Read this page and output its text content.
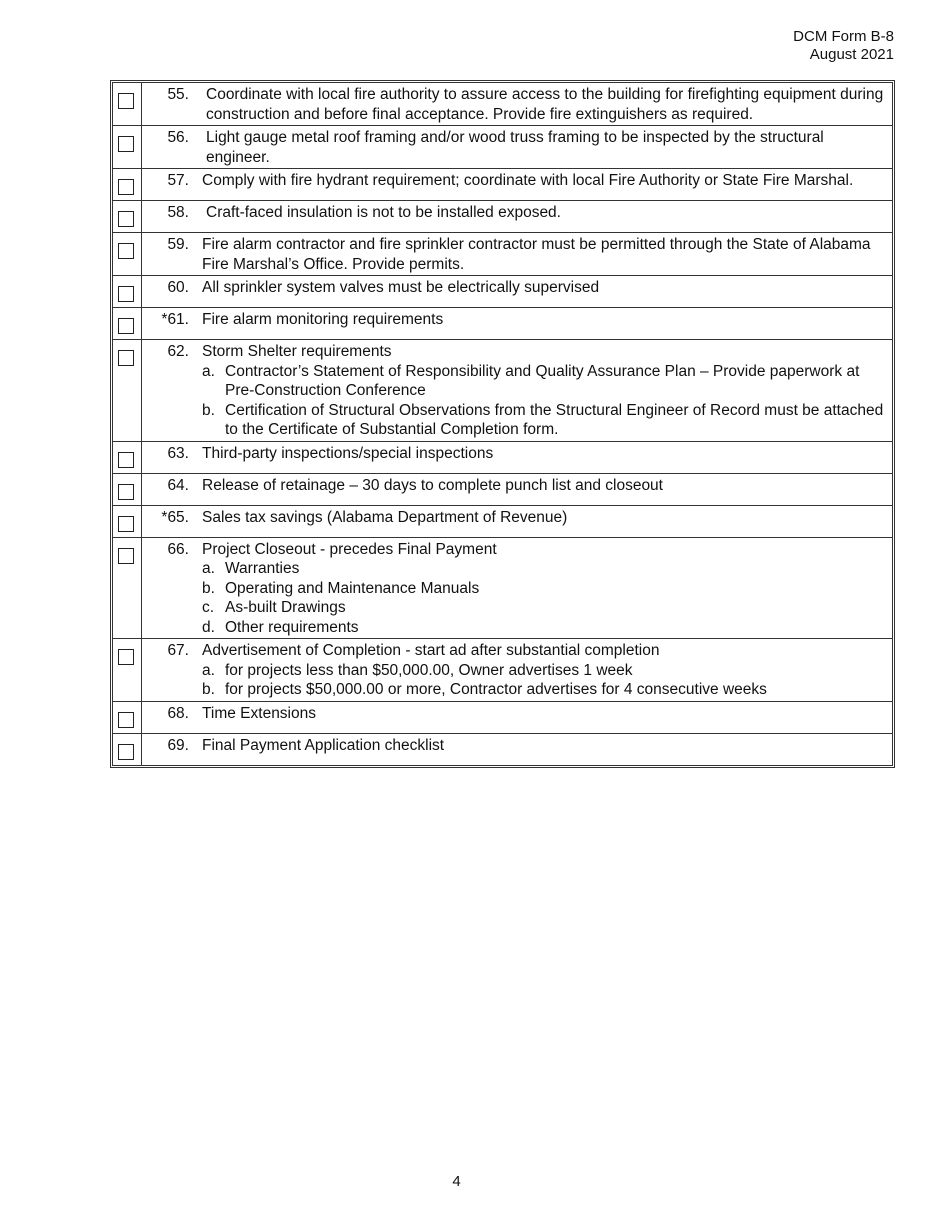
DCM Form B-8
August 2021
55.	Coordinate with local fire authority to assure access to the building for firefighting equipment during construction and before final acceptance. Provide fire extinguishers as required.
56.	Light gauge metal roof framing and/or wood truss framing to be inspected by the structural engineer.
57. Comply with fire hydrant requirement; coordinate with local Fire Authority or State Fire Marshal.
58.	Craft-faced insulation is not to be installed exposed.
59. Fire alarm contractor and fire sprinkler contractor must be permitted through the State of Alabama Fire Marshal’s Office. Provide permits.
60. All sprinkler system valves must be electrically supervised
*61. Fire alarm monitoring requirements
62. Storm Shelter requirements
a. Contractor’s Statement of Responsibility and Quality Assurance Plan – Provide paperwork at Pre-Construction Conference
b. Certification of Structural Observations from the Structural Engineer of Record must be attached to the Certificate of Substantial Completion form.
63. Third-party inspections/special inspections
64. Release of retainage – 30 days to complete punch list and closeout
*65. Sales tax savings (Alabama Department of Revenue)
66. Project Closeout - precedes Final Payment
a. Warranties
b. Operating and Maintenance Manuals
c. As-built Drawings
d. Other requirements
67. Advertisement of Completion - start ad after substantial completion
a. for projects less than $50,000.00, Owner advertises 1 week
b. for projects $50,000.00 or more, Contractor advertises for 4 consecutive weeks
68. Time Extensions
69. Final Payment Application checklist
4
